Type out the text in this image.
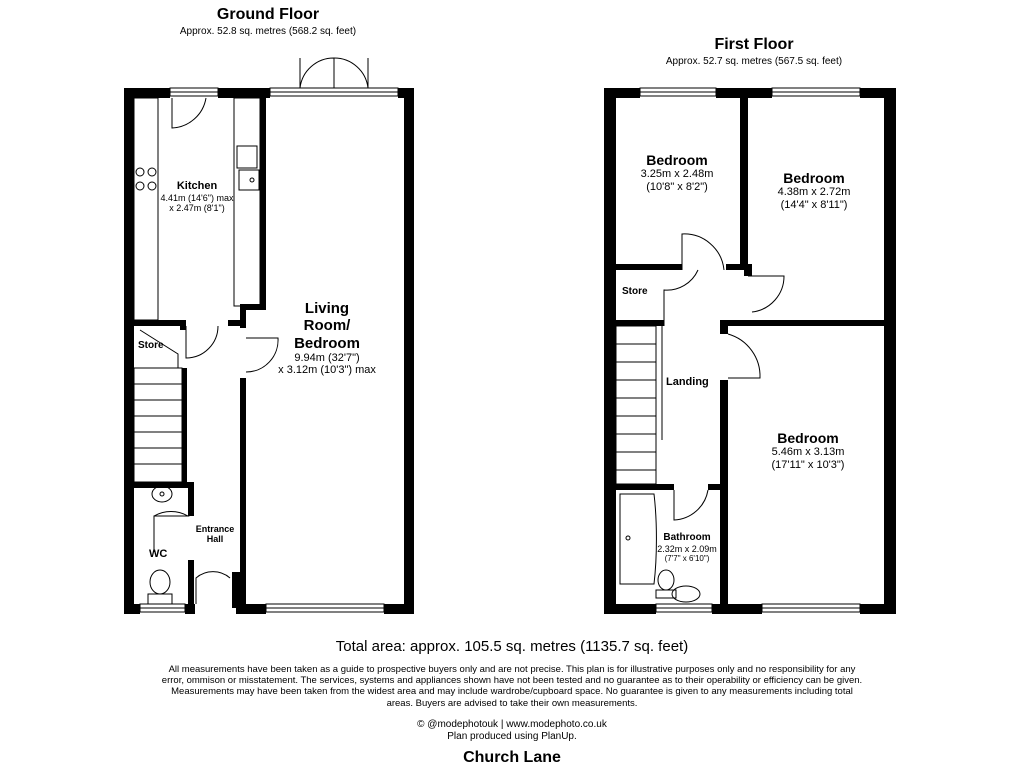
Ground Floor
Approx. 52.8 sq. metres (568.2 sq. feet)
First Floor
Approx. 52.7 sq. metres (567.5 sq. feet)
Kitchen
4.41m (14'6") max
x 2.47m (8'1")
Living
Room/
Bedroom
9.94m (32'7")
x 3.12m (10'3") max
Store
WC
Entrance
Hall
Bedroom
3.25m x 2.48m
(10'8" x 8'2")
Bedroom
4.38m x 2.72m
(14'4" x 8'11")
Bedroom
5.46m x 3.13m
(17'11" x 10'3")
Store
Landing
Bathroom
2.32m x 2.09m
(7'7" x 6'10")
Total area: approx. 105.5 sq. metres (1135.7 sq. feet)
All measurements have been taken as a guide to prospective buyers only and are not precise. This plan is for illustrative purposes only and no responsibility for any error, ommison or misstatement. The services, systems and appliances shown have not been tested and no guarantee as to their operability or efficiency can be given. Measurements may have been taken from the widest area and may include wardrobe/cupboard space. No guarantee is given to any measurements including total areas. Buyers are advised to take their own measurements.
© @modephotouk | www.modephoto.co.uk
Plan produced using PlanUp.
Church Lane
